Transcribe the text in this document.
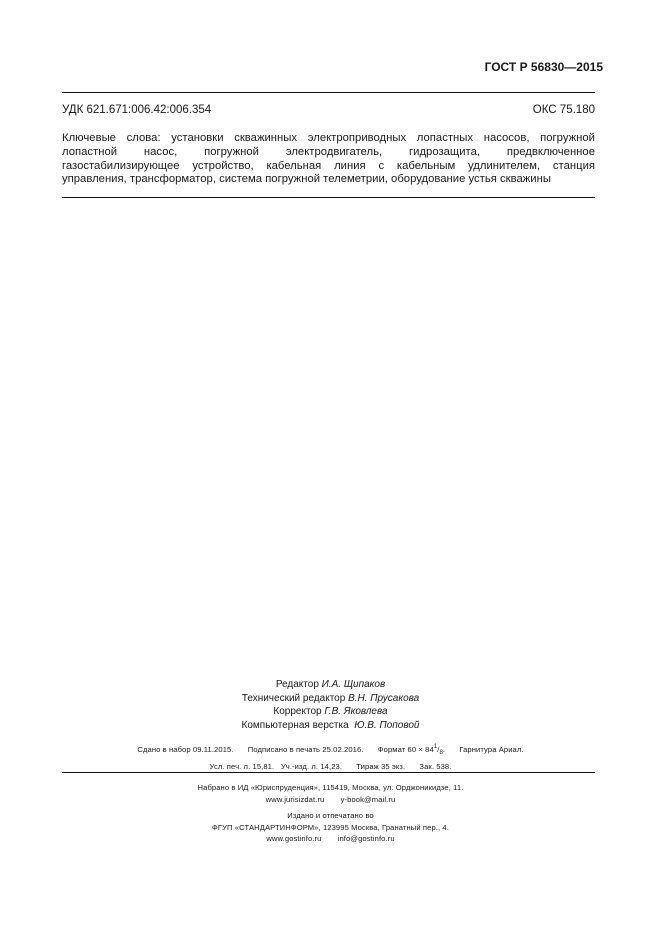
ГОСТ Р 56830—2015
УДК 621.671:006.42:006.354	ОКС 75.180
Ключевые слова: установки скважинных электроприводных лопастных насосов, погружной лопастной насос, погружной электродвигатель, гидрозащита, предвключенное газостабилизирующее устройство, кабельная линия с кабельным удлинителем, станция управления, трансформатор, система погружной телеметрии, оборудование устья скважины
Редактор И.А. Щипаков
Технический редактор В.Н. Прусакова
Корректор Г.В. Яковлева
Компьютерная верстка Ю.В. Поповой
Сдано в набор 09.11.2015. Подписано в печать 25.02.2016. Формат $60 \times 84^1/_8$. Гарнитура Ариал.
Усл. печ. л. 15,81. Уч.-изд. л. 14,23. Тираж 35 экз. Зак. 538.
Набрано в ИД «Юриспруденция», 115419, Москва, ул. Орджоникидзе, 11.
www.jurisizdat.ru y-book@mail.ru
Издано и отпечатано во
ФГУП «СТАНДАРТИНФОРМ», 123995 Москва, Гранатный пер., 4.
www.gostinfo.ru info@gostinfo.ru
